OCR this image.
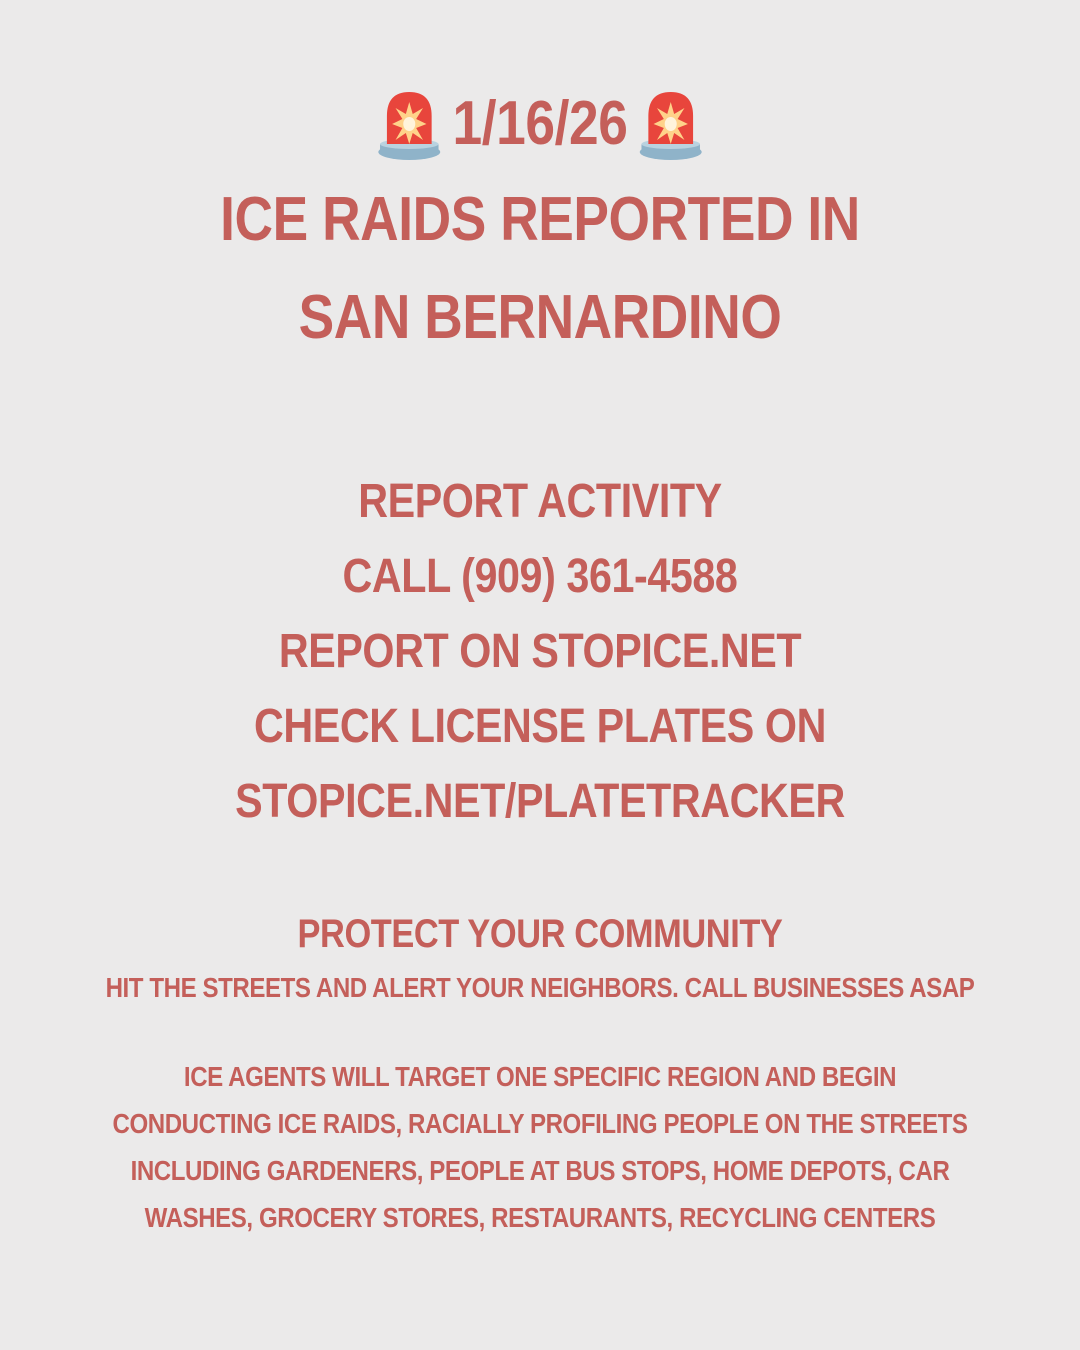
1/16/26
ICE RAIDS REPORTED IN
SAN BERNARDINO
REPORT ACTIVITY
CALL (909) 361-4588
REPORT ON STOPICE.NET
CHECK LICENSE PLATES ON
STOPICE.NET/PLATETRACKER
PROTECT YOUR COMMUNITY
HIT THE STREETS AND ALERT YOUR NEIGHBORS. CALL BUSINESSES ASAP
ICE AGENTS WILL TARGET ONE SPECIFIC REGION AND BEGIN
CONDUCTING ICE RAIDS, RACIALLY PROFILING PEOPLE ON THE STREETS
INCLUDING GARDENERS, PEOPLE AT BUS STOPS, HOME DEPOTS, CAR
WASHES, GROCERY STORES, RESTAURANTS, RECYCLING CENTERS
